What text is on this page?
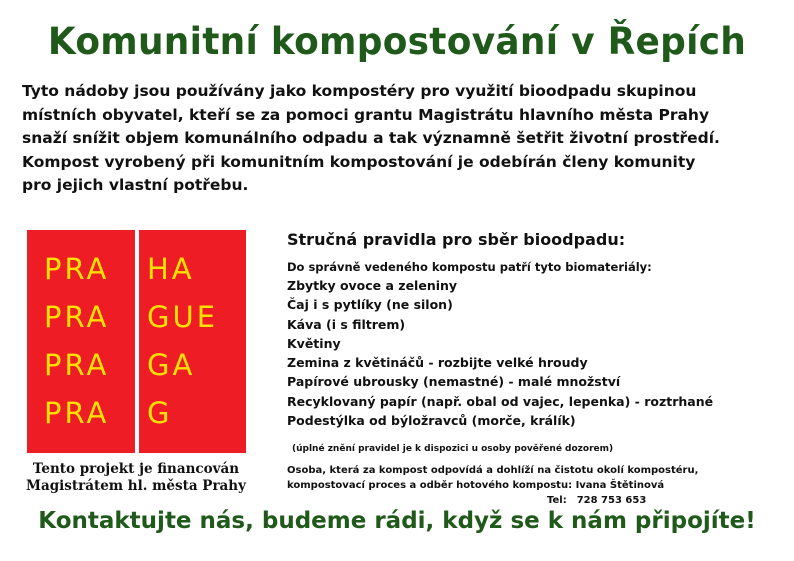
Komunitní kompostování v Řepích
Tyto nádoby jsou používány jako kompostéry pro využití bioodpadu skupinou
místních obyvatel, kteří se za pomoci grantu Magistrátu hlavního města Prahy
snaží snížit objem komunálního odpadu a tak významně šetřit životní prostředí.
Kompost vyrobený při komunitním kompostování je odebírán členy komunity
pro jejich vlastní potřebu.
PRA
PRA
PRA
PRA
HA
GUE
GA
G
Tento projekt je financován
Magistrátem hl. města Prahy
Stručná pravidla pro sběr bioodpadu:
Do správně vedeného kompostu patří tyto biomateriály:
Zbytky ovoce a zeleniny
Čaj i s pytlíky (ne silon)
Káva (i s filtrem)
Květiny
Zemina z květináčů - rozbijte velké hroudy
Papírové ubrousky (nemastné) - malé množství
Recyklovaný papír (např. obal od vajec, lepenka) - roztrhané
Podestýlka od býložravců (morče, králík)
(úplné znění pravidel je k dispozici u osoby pověřené dozorem)
Osoba, která za kompost odpovídá a dohlíží na čistotu okolí kompostéru,
kompostovací proces a odběr hotového kompostu: Ivana Štětinová
Tel: 728 753 653
Kontaktujte nás, budeme rádi, když se k nám připojíte!
